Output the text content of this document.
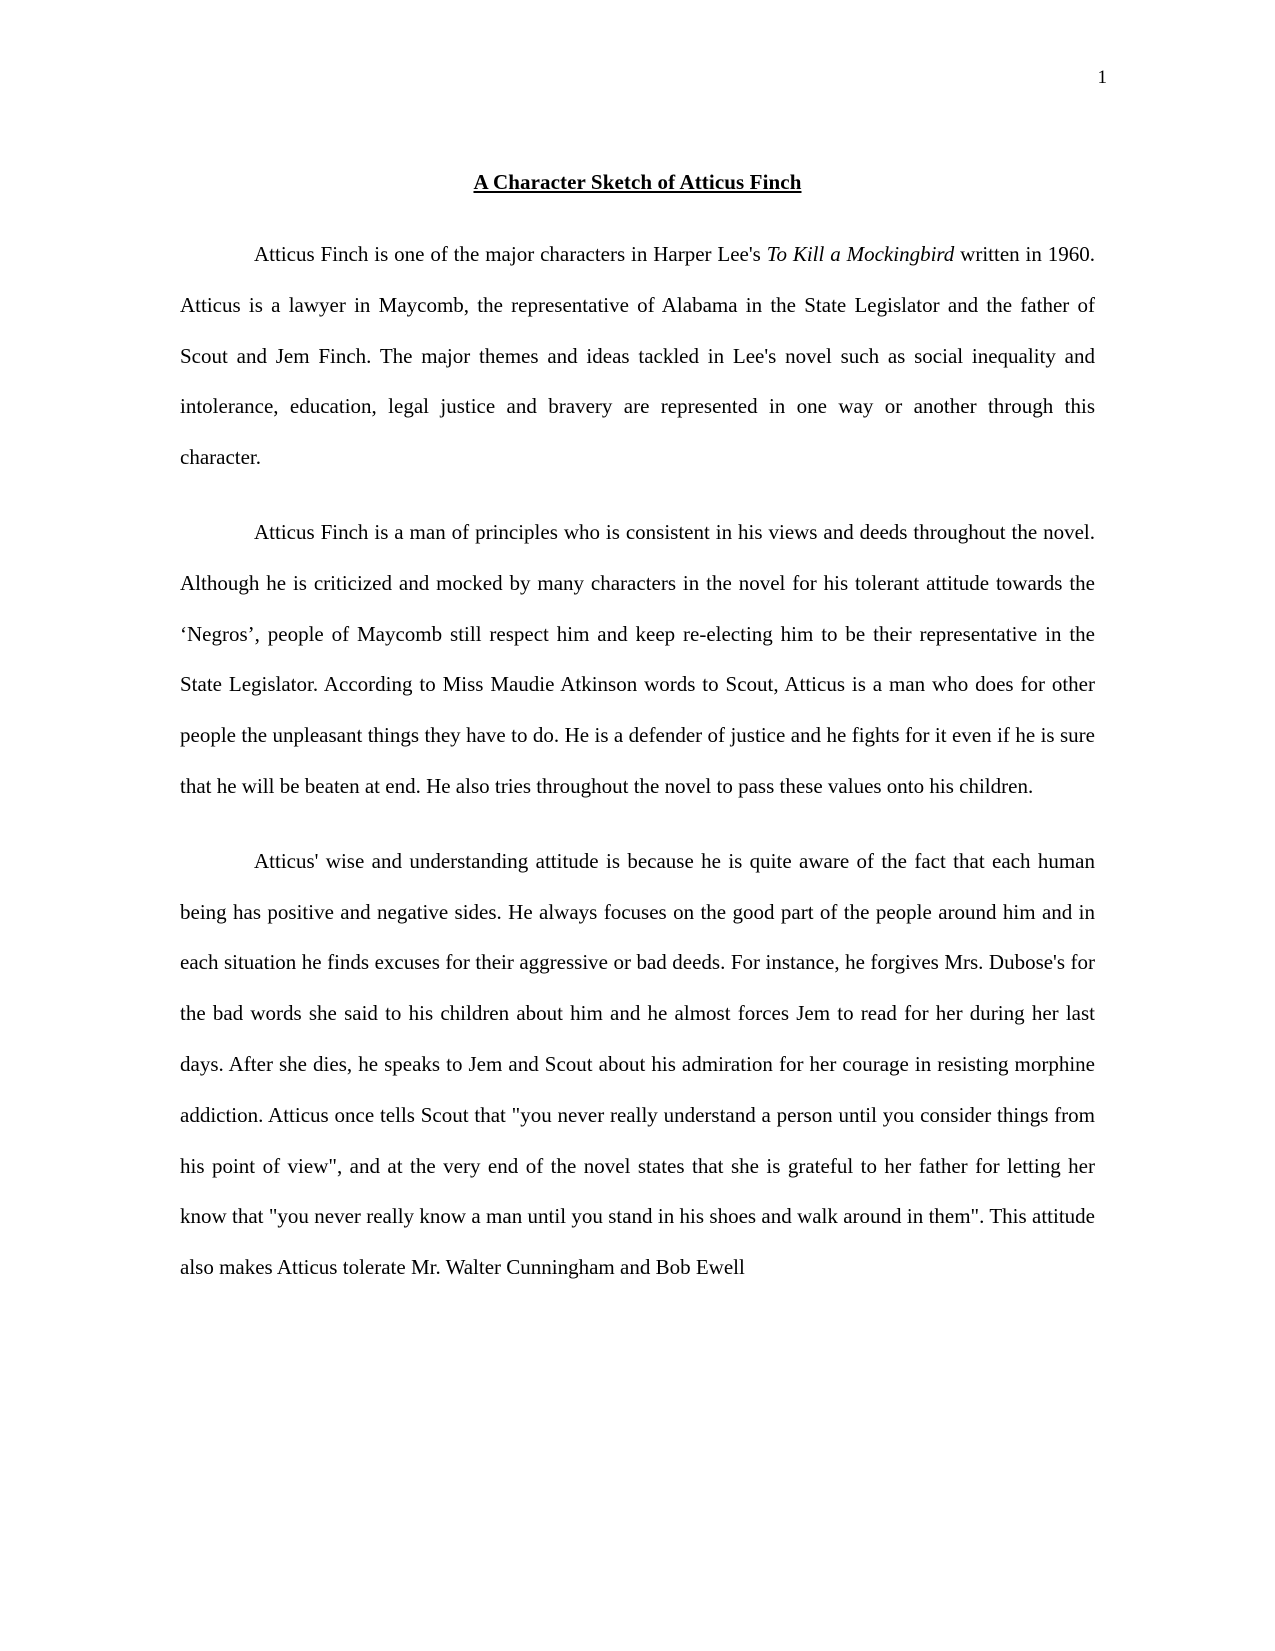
1
A Character Sketch of Atticus Finch

Atticus Finch is one of the major characters in Harper Lee's To Kill a Mockingbird written in 1960. Atticus is a lawyer in Maycomb, the representative of Alabama in the State Legislator and the father of Scout and Jem Finch. The major themes and ideas tackled in Lee's novel such as social inequality and intolerance, education, legal justice and bravery are represented in one way or another through this character.

Atticus Finch is a man of principles who is consistent in his views and deeds throughout the novel. Although he is criticized and mocked by many characters in the novel for his tolerant attitude towards the ‘Negros’, people of Maycomb still respect him and keep re-electing him to be their representative in the State Legislator. According to Miss Maudie Atkinson words to Scout, Atticus is a man who does for other people the unpleasant things they have to do. He is a defender of justice and he fights for it even if he is sure that he will be beaten at end. He also tries throughout the novel to pass these values onto his children.

Atticus' wise and understanding attitude is because he is quite aware of the fact that each human being has positive and negative sides. He always focuses on the good part of the people around him and in each situation he finds excuses for their aggressive or bad deeds. For instance, he forgives Mrs. Dubose's for the bad words she said to his children about him and he almost forces Jem to read for her during her last days. After she dies, he speaks to Jem and Scout about his admiration for her courage in resisting morphine addiction. Atticus once tells Scout that "you never really understand a person until you consider things from his point of view", and at the very end of the novel states that she is grateful to her father for letting her know that "you never really know a man until you stand in his shoes and walk around in them". This attitude also makes Atticus tolerate Mr. Walter Cunningham and Bob Ewell
